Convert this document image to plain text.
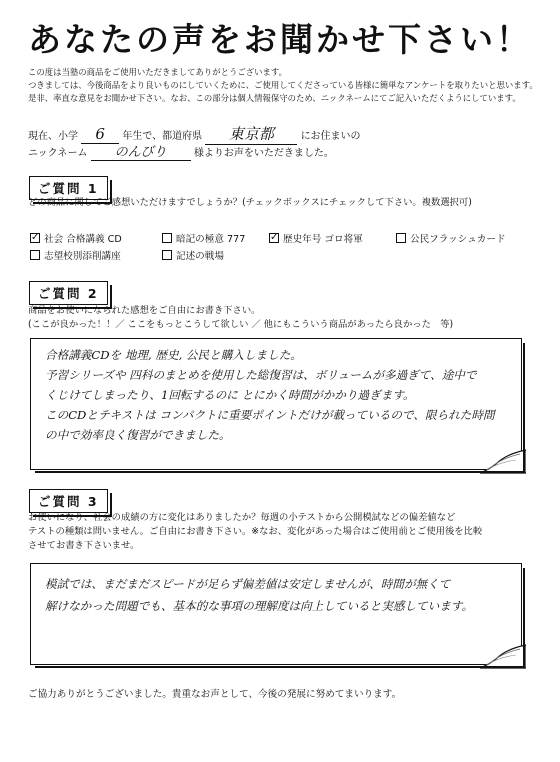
あなたの声をお聞かせ下さい！
この度は当塾の商品をご使用いただきましてありがとうございます。
つきましては、今後商品をより良いものにしていくために、ご使用してくださっている皆様に簡単なアンケートを取りたいと思います。
是非、率直な意見をお聞かせ下さい。なお、この部分は個人情報保守のため、ニックネームにてご記入いただくようにしています。
現在、小学 6 年生で、都道府県 東京都	にお住まいの
ニックネーム のんびり	様よりお声をいただきました。
ご質問 1
どの商品に関してご感想いただけますでしょうか？(チェックボックスにチェックして下さい。複数選択可)
✓ 社会 合格講義 CD	暗記の極意 777 ✓ 歴史年号 ゴロ将軍	公民フラッシュカード
志望校別添削講座	記述の戦場
ご質問 2
商品をお使いになられた感想をご自由にお書き下さい。
(ここが良かった！！／ ここをもっとこうして欲しい ／ 他にもこういう商品があったら良かった　等)
合格講義CDを 地理, 歴史, 公民と購入しました。
予習シリーズや 四科のまとめを使用した総復習は、ボリュームが多過ぎて、途中で
くじけてしまったり、1回転するのに とにかく時間がかかり過ぎます。
このCDとテキストは コンパクトに重要ポイントだけが載っているので、限られた時間
の中で効率良く復習ができました。
ご質問 3
お使いになり、社会の成績の方に変化はありましたか？毎週の小テストから公開模試などの偏差値など
テストの種類は問いません。ご自由にお書き下さい。※なお、変化があった場合はご使用前とご使用後を比較
させてお書き下さいませ。
模試では、まだまだスピードが足らず偏差値は安定しませんが、時間が無くて
解けなかった問題でも、基本的な事項の理解度は向上していると実感しています。
ご協力ありがとうございました。貴重なお声として、今後の発展に努めてまいります。
